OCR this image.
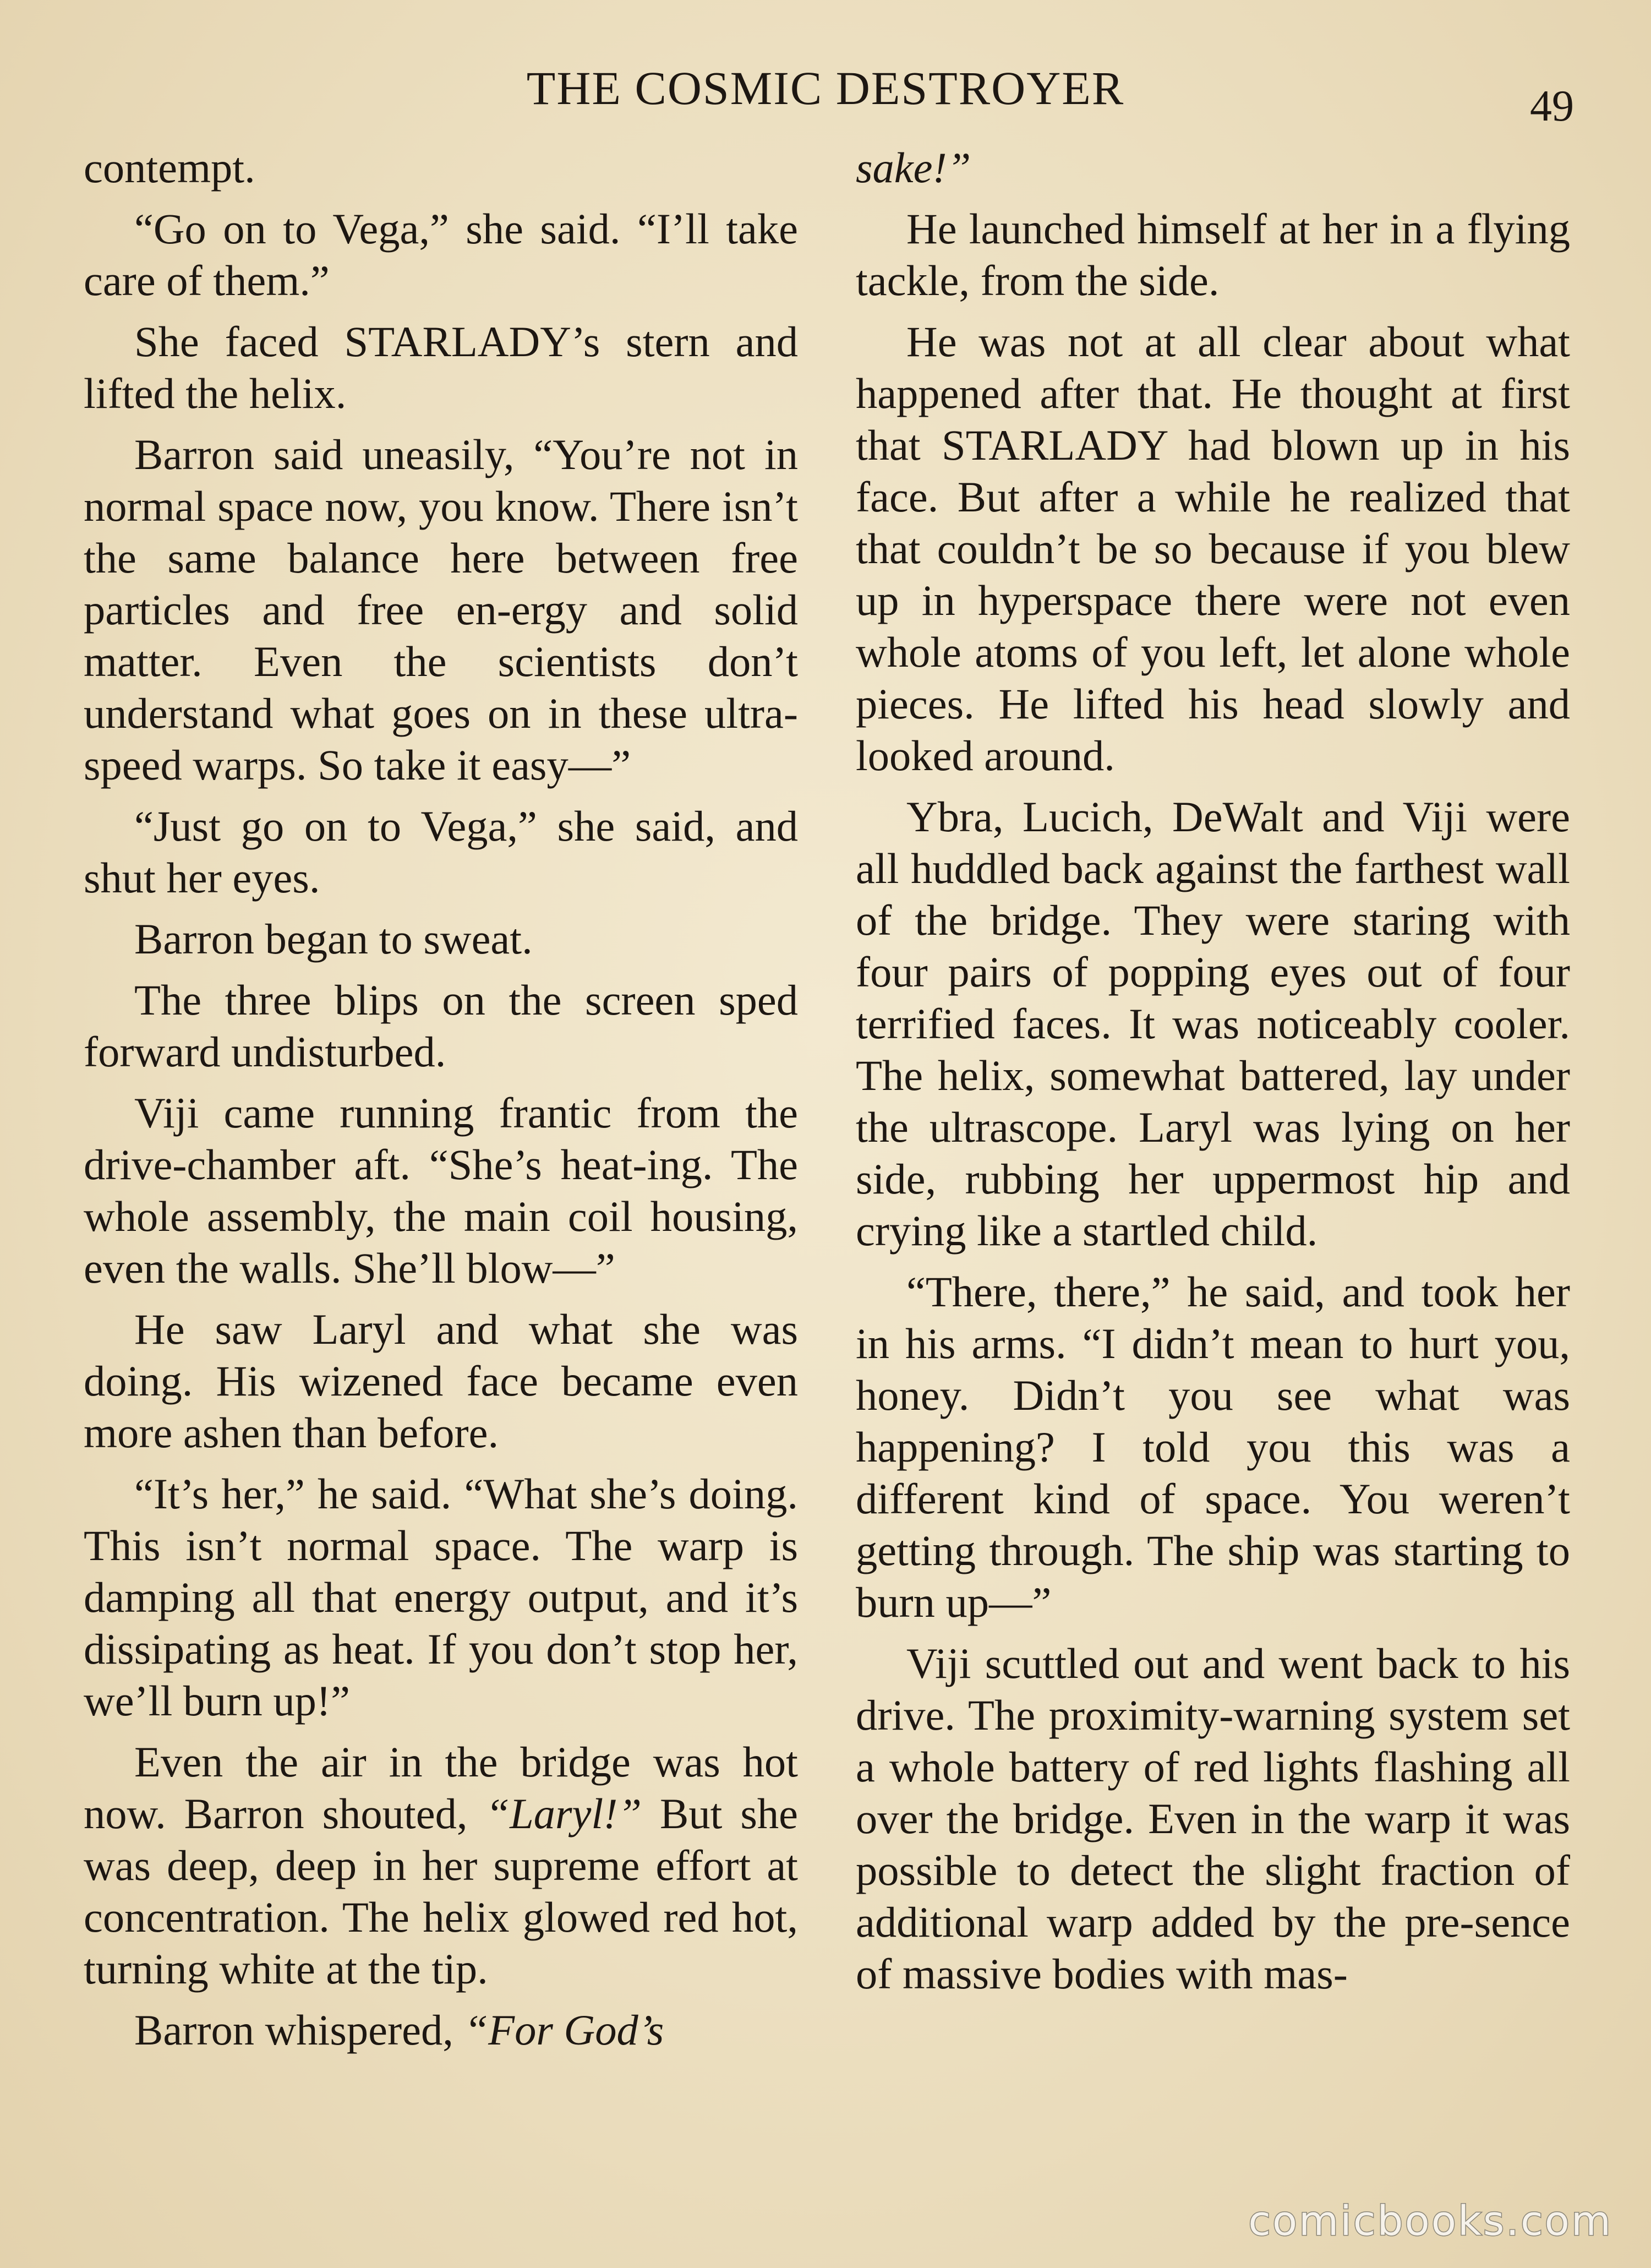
THE COSMIC DESTROYER	49

contempt.

“Go on to Vega,” she said. “I’ll take care of them.”

She faced STARLADY’s stern and lifted the helix.

Barron said uneasily, “You’re not in normal space now, you know. There isn’t the same balance here between free particles and free en-ergy and solid matter. Even the scientists don’t understand what goes on in these ultra-speed warps. So take it easy—”

“Just go on to Vega,” she said, and shut her eyes.

Barron began to sweat.

The three blips on the screen sped forward undisturbed.

Viji came running frantic from the drive-chamber aft. “She’s heat-ing. The whole assembly, the main coil housing, even the walls. She’ll blow—”

He saw Laryl and what she was doing. His wizened face became even more ashen than before.

“It’s her,” he said. “What she’s doing. This isn’t normal space. The warp is damping all that energy output, and it’s dissipating as heat. If you don’t stop her, we’ll burn up!”

Even the air in the bridge was hot now. Barron shouted, “Laryl!” But she was deep, deep in her supreme effort at concentration. The helix glowed red hot, turning white at the tip.

Barron whispered, “For God’s

sake!”

He launched himself at her in a flying tackle, from the side.

He was not at all clear about what happened after that. He thought at first that STARLADY had blown up in his face. But after a while he realized that that couldn’t be so because if you blew up in hyperspace there were not even whole atoms of you left, let alone whole pieces. He lifted his head slowly and looked around.

Ybra, Lucich, DeWalt and Viji were all huddled back against the farthest wall of the bridge. They were staring with four pairs of popping eyes out of four terrified faces. It was noticeably cooler. The helix, somewhat battered, lay under the ultrascope. Laryl was lying on her side, rubbing her uppermost hip and crying like a startled child.

“There, there,” he said, and took her in his arms. “I didn’t mean to hurt you, honey. Didn’t you see what was happening? I told you this was a different kind of space. You weren’t getting through. The ship was starting to burn up—”

Viji scuttled out and went back to his drive. The proximity-warning system set a whole battery of red lights flashing all over the bridge. Even in the warp it was possible to detect the slight fraction of additional warp added by the pre-sence of massive bodies with mas-

comicbooks.com
